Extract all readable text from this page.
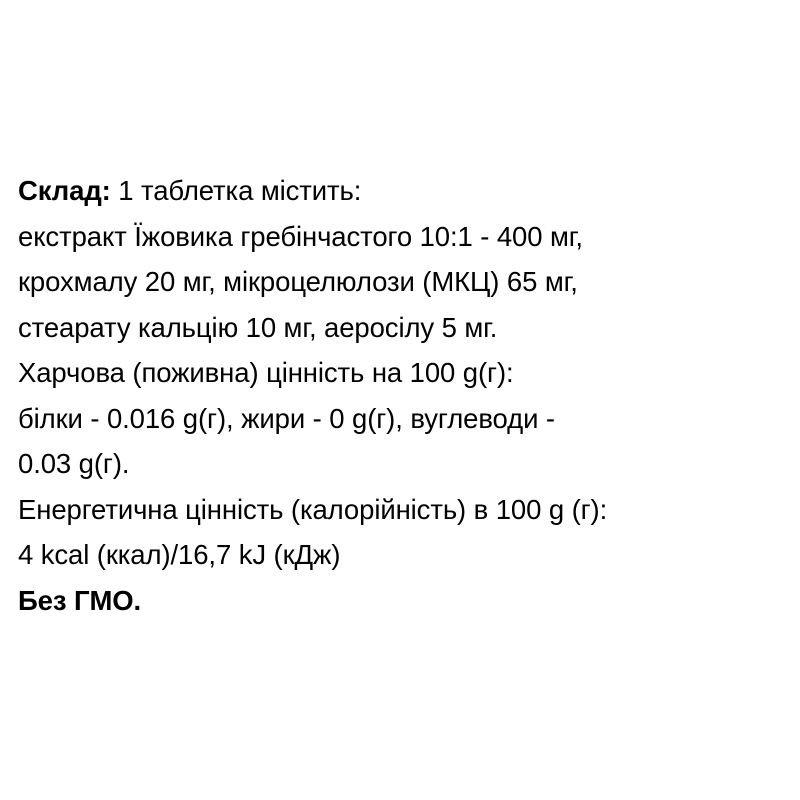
Склад: 1 таблетка містить:
екстракт Їжовика гребінчастого 10:1 - 400 мг,
крохмалу 20 мг, мікроцелюлози (МКЦ) 65 мг,
стеарату кальцію 10 мг, аеросілу 5 мг.
Харчова (поживна) цінність на 100 g(г):
білки - 0.016 g(г), жири - 0 g(г), вуглеводи -
0.03 g(г).
Енергетична цінність (калорійність) в 100 g (г):
4 kcal (ккал)/16,7 kJ (кДж)
Без ГМО.
